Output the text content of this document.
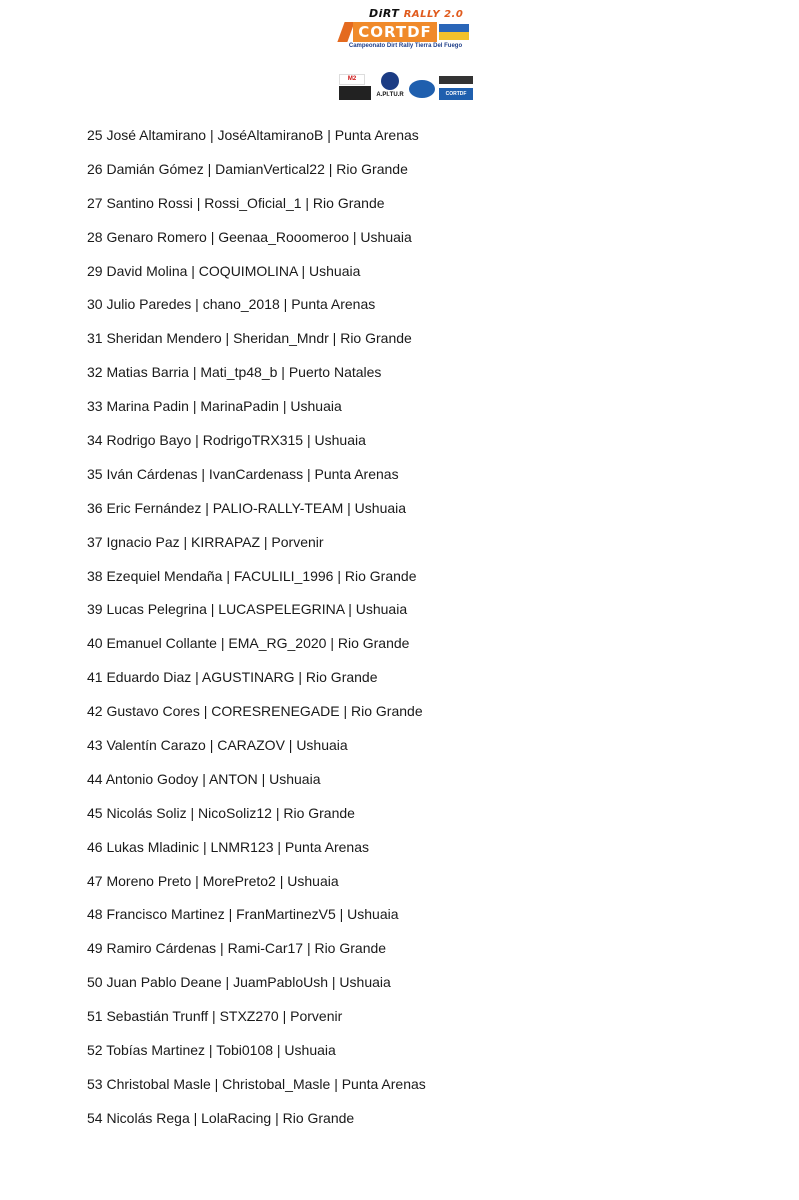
DiRT RALLY 2.0
CORTDF
Campeonato Dirt Rally Tierra Del Fuego
M2
A.PI.TU.R	CORTDF
25 José Altamirano | JoséAltamiranoB | Punta Arenas
26 Damián Gómez | DamianVertical22 | Rio Grande
27 Santino Rossi | Rossi_Oficial_1 | Rio Grande
28 Genaro Romero | Geenaa_Rooomeroo | Ushuaia
29 David Molina | COQUIMOLINA | Ushuaia
30 Julio Paredes | chano_2018 | Punta Arenas
31 Sheridan Mendero | Sheridan_Mndr | Rio Grande
32 Matias Barria | Mati_tp48_b | Puerto Natales
33 Marina Padin | MarinaPadin | Ushuaia
34 Rodrigo Bayo | RodrigoTRX315 | Ushuaia
35 Iván Cárdenas | IvanCardenass | Punta Arenas
36 Eric Fernández | PALIO-RALLY-TEAM | Ushuaia
37 Ignacio Paz | KIRRAPAZ | Porvenir
38 Ezequiel Mendaña | FACULILI_1996 | Rio Grande
39 Lucas Pelegrina | LUCASPELEGRINA | Ushuaia
40 Emanuel Collante | EMA_RG_2020 | Rio Grande
41 Eduardo Diaz | AGUSTINARG | Rio Grande
42 Gustavo Cores | CORESRENEGADE | Rio Grande
43 Valentín Carazo | CARAZOV | Ushuaia
44 Antonio Godoy | ANTON | Ushuaia
45 Nicolás Soliz | NicoSoliz12 | Rio Grande
46 Lukas Mladinic | LNMR123 | Punta Arenas
47 Moreno Preto | MorePreto2 | Ushuaia
48 Francisco Martinez | FranMartinezV5 | Ushuaia
49 Ramiro Cárdenas | Rami-Car17 | Rio Grande
50 Juan Pablo Deane | JuamPabloUsh | Ushuaia
51 Sebastián Trunff | STXZ270 | Porvenir
52 Tobías Martinez | Tobi0108 | Ushuaia
53 Christobal Masle | Christobal_Masle | Punta Arenas
54 Nicolás Rega | LolaRacing | Rio Grande
